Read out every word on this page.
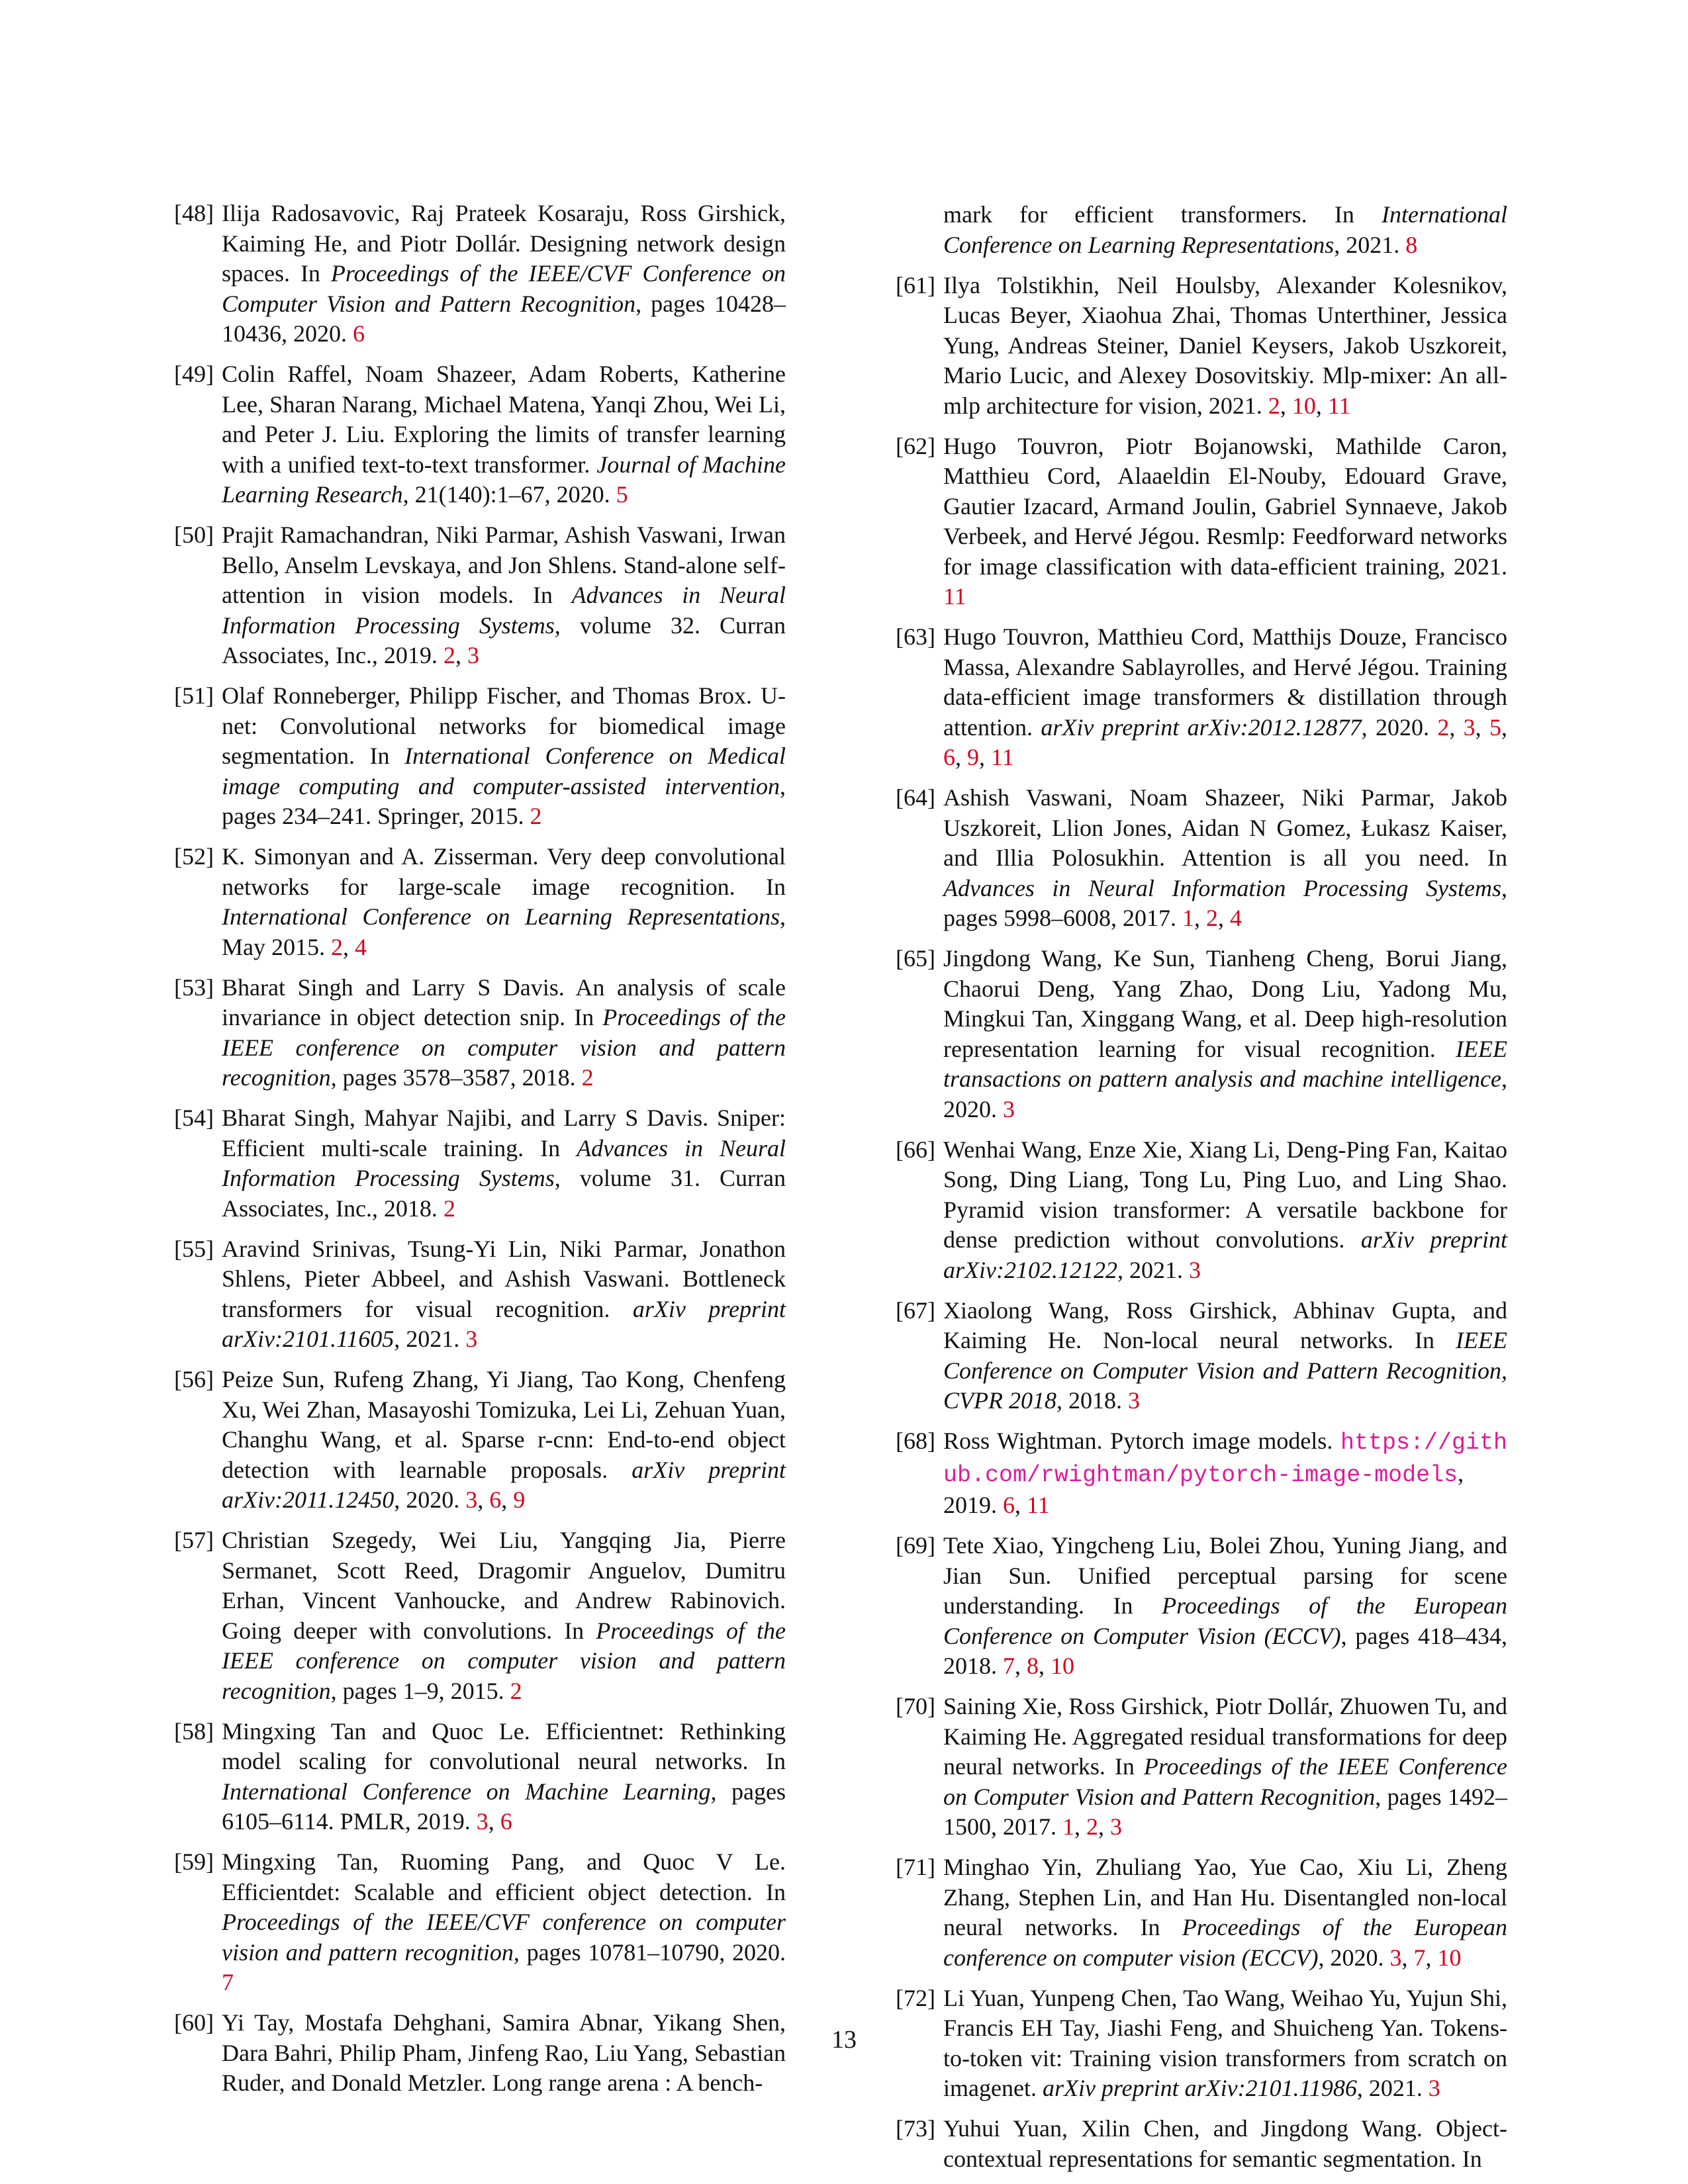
[48] Ilija Radosavovic, Raj Prateek Kosaraju, Ross Girshick, Kaiming He, and Piotr Dollár. Designing network design spaces. In Proceedings of the IEEE/CVF Conference on Computer Vision and Pattern Recognition, pages 10428–10436, 2020. 6
[49] Colin Raffel, Noam Shazeer, Adam Roberts, Katherine Lee, Sharan Narang, Michael Matena, Yanqi Zhou, Wei Li, and Peter J. Liu. Exploring the limits of transfer learning with a unified text-to-text transformer. Journal of Machine Learning Research, 21(140):1–67, 2020. 5
[50] Prajit Ramachandran, Niki Parmar, Ashish Vaswani, Irwan Bello, Anselm Levskaya, and Jon Shlens. Stand-alone self-attention in vision models. In Advances in Neural Information Processing Systems, volume 32. Curran Associates, Inc., 2019. 2, 3
[51] Olaf Ronneberger, Philipp Fischer, and Thomas Brox. U-net: Convolutional networks for biomedical image segmentation. In International Conference on Medical image computing and computer-assisted intervention, pages 234–241. Springer, 2015. 2
[52] K. Simonyan and A. Zisserman. Very deep convolutional networks for large-scale image recognition. In International Conference on Learning Representations, May 2015. 2, 4
[53] Bharat Singh and Larry S Davis. An analysis of scale invariance in object detection snip. In Proceedings of the IEEE conference on computer vision and pattern recognition, pages 3578–3587, 2018. 2
[54] Bharat Singh, Mahyar Najibi, and Larry S Davis. Sniper: Efficient multi-scale training. In Advances in Neural Information Processing Systems, volume 31. Curran Associates, Inc., 2018. 2
[55] Aravind Srinivas, Tsung-Yi Lin, Niki Parmar, Jonathon Shlens, Pieter Abbeel, and Ashish Vaswani. Bottleneck transformers for visual recognition. arXiv preprint arXiv:2101.11605, 2021. 3
[56] Peize Sun, Rufeng Zhang, Yi Jiang, Tao Kong, Chenfeng Xu, Wei Zhan, Masayoshi Tomizuka, Lei Li, Zehuan Yuan, Changhu Wang, et al. Sparse r-cnn: End-to-end object detection with learnable proposals. arXiv preprint arXiv:2011.12450, 2020. 3, 6, 9
[57] Christian Szegedy, Wei Liu, Yangqing Jia, Pierre Sermanet, Scott Reed, Dragomir Anguelov, Dumitru Erhan, Vincent Vanhoucke, and Andrew Rabinovich. Going deeper with convolutions. In Proceedings of the IEEE conference on computer vision and pattern recognition, pages 1–9, 2015. 2
[58] Mingxing Tan and Quoc Le. Efficientnet: Rethinking model scaling for convolutional neural networks. In International Conference on Machine Learning, pages 6105–6114. PMLR, 2019. 3, 6
[59] Mingxing Tan, Ruoming Pang, and Quoc V Le. Efficientdet: Scalable and efficient object detection. In Proceedings of the IEEE/CVF conference on computer vision and pattern recognition, pages 10781–10790, 2020. 7
[60] Yi Tay, Mostafa Dehghani, Samira Abnar, Yikang Shen, Dara Bahri, Philip Pham, Jinfeng Rao, Liu Yang, Sebastian Ruder, and Donald Metzler. Long range arena : A bench-
mark for efficient transformers. In International Conference on Learning Representations, 2021. 8
[61] Ilya Tolstikhin, Neil Houlsby, Alexander Kolesnikov, Lucas Beyer, Xiaohua Zhai, Thomas Unterthiner, Jessica Yung, Andreas Steiner, Daniel Keysers, Jakob Uszkoreit, Mario Lucic, and Alexey Dosovitskiy. Mlp-mixer: An all-mlp architecture for vision, 2021. 2, 10, 11
[62] Hugo Touvron, Piotr Bojanowski, Mathilde Caron, Matthieu Cord, Alaaeldin El-Nouby, Edouard Grave, Gautier Izacard, Armand Joulin, Gabriel Synnaeve, Jakob Verbeek, and Hervé Jégou. Resmlp: Feedforward networks for image classification with data-efficient training, 2021. 11
[63] Hugo Touvron, Matthieu Cord, Matthijs Douze, Francisco Massa, Alexandre Sablayrolles, and Hervé Jégou. Training data-efficient image transformers & distillation through attention. arXiv preprint arXiv:2012.12877, 2020. 2, 3, 5, 6, 9, 11
[64] Ashish Vaswani, Noam Shazeer, Niki Parmar, Jakob Uszkoreit, Llion Jones, Aidan N Gomez, Łukasz Kaiser, and Illia Polosukhin. Attention is all you need. In Advances in Neural Information Processing Systems, pages 5998–6008, 2017. 1, 2, 4
[65] Jingdong Wang, Ke Sun, Tianheng Cheng, Borui Jiang, Chaorui Deng, Yang Zhao, Dong Liu, Yadong Mu, Mingkui Tan, Xinggang Wang, et al. Deep high-resolution representation learning for visual recognition. IEEE transactions on pattern analysis and machine intelligence, 2020. 3
[66] Wenhai Wang, Enze Xie, Xiang Li, Deng-Ping Fan, Kaitao Song, Ding Liang, Tong Lu, Ping Luo, and Ling Shao. Pyramid vision transformer: A versatile backbone for dense prediction without convolutions. arXiv preprint arXiv:2102.12122, 2021. 3
[67] Xiaolong Wang, Ross Girshick, Abhinav Gupta, and Kaiming He. Non-local neural networks. In IEEE Conference on Computer Vision and Pattern Recognition, CVPR 2018, 2018. 3
[68] Ross Wightman. Pytorch image models. https://github.com/rwightman/pytorch-image-models, 2019. 6, 11
[69] Tete Xiao, Yingcheng Liu, Bolei Zhou, Yuning Jiang, and Jian Sun. Unified perceptual parsing for scene understanding. In Proceedings of the European Conference on Computer Vision (ECCV), pages 418–434, 2018. 7, 8, 10
[70] Saining Xie, Ross Girshick, Piotr Dollár, Zhuowen Tu, and Kaiming He. Aggregated residual transformations for deep neural networks. In Proceedings of the IEEE Conference on Computer Vision and Pattern Recognition, pages 1492–1500, 2017. 1, 2, 3
[71] Minghao Yin, Zhuliang Yao, Yue Cao, Xiu Li, Zheng Zhang, Stephen Lin, and Han Hu. Disentangled non-local neural networks. In Proceedings of the European conference on computer vision (ECCV), 2020. 3, 7, 10
[72] Li Yuan, Yunpeng Chen, Tao Wang, Weihao Yu, Yujun Shi, Francis EH Tay, Jiashi Feng, and Shuicheng Yan. Tokens-to-token vit: Training vision transformers from scratch on imagenet. arXiv preprint arXiv:2101.11986, 2021. 3
[73] Yuhui Yuan, Xilin Chen, and Jingdong Wang. Object-contextual representations for semantic segmentation. In
13
